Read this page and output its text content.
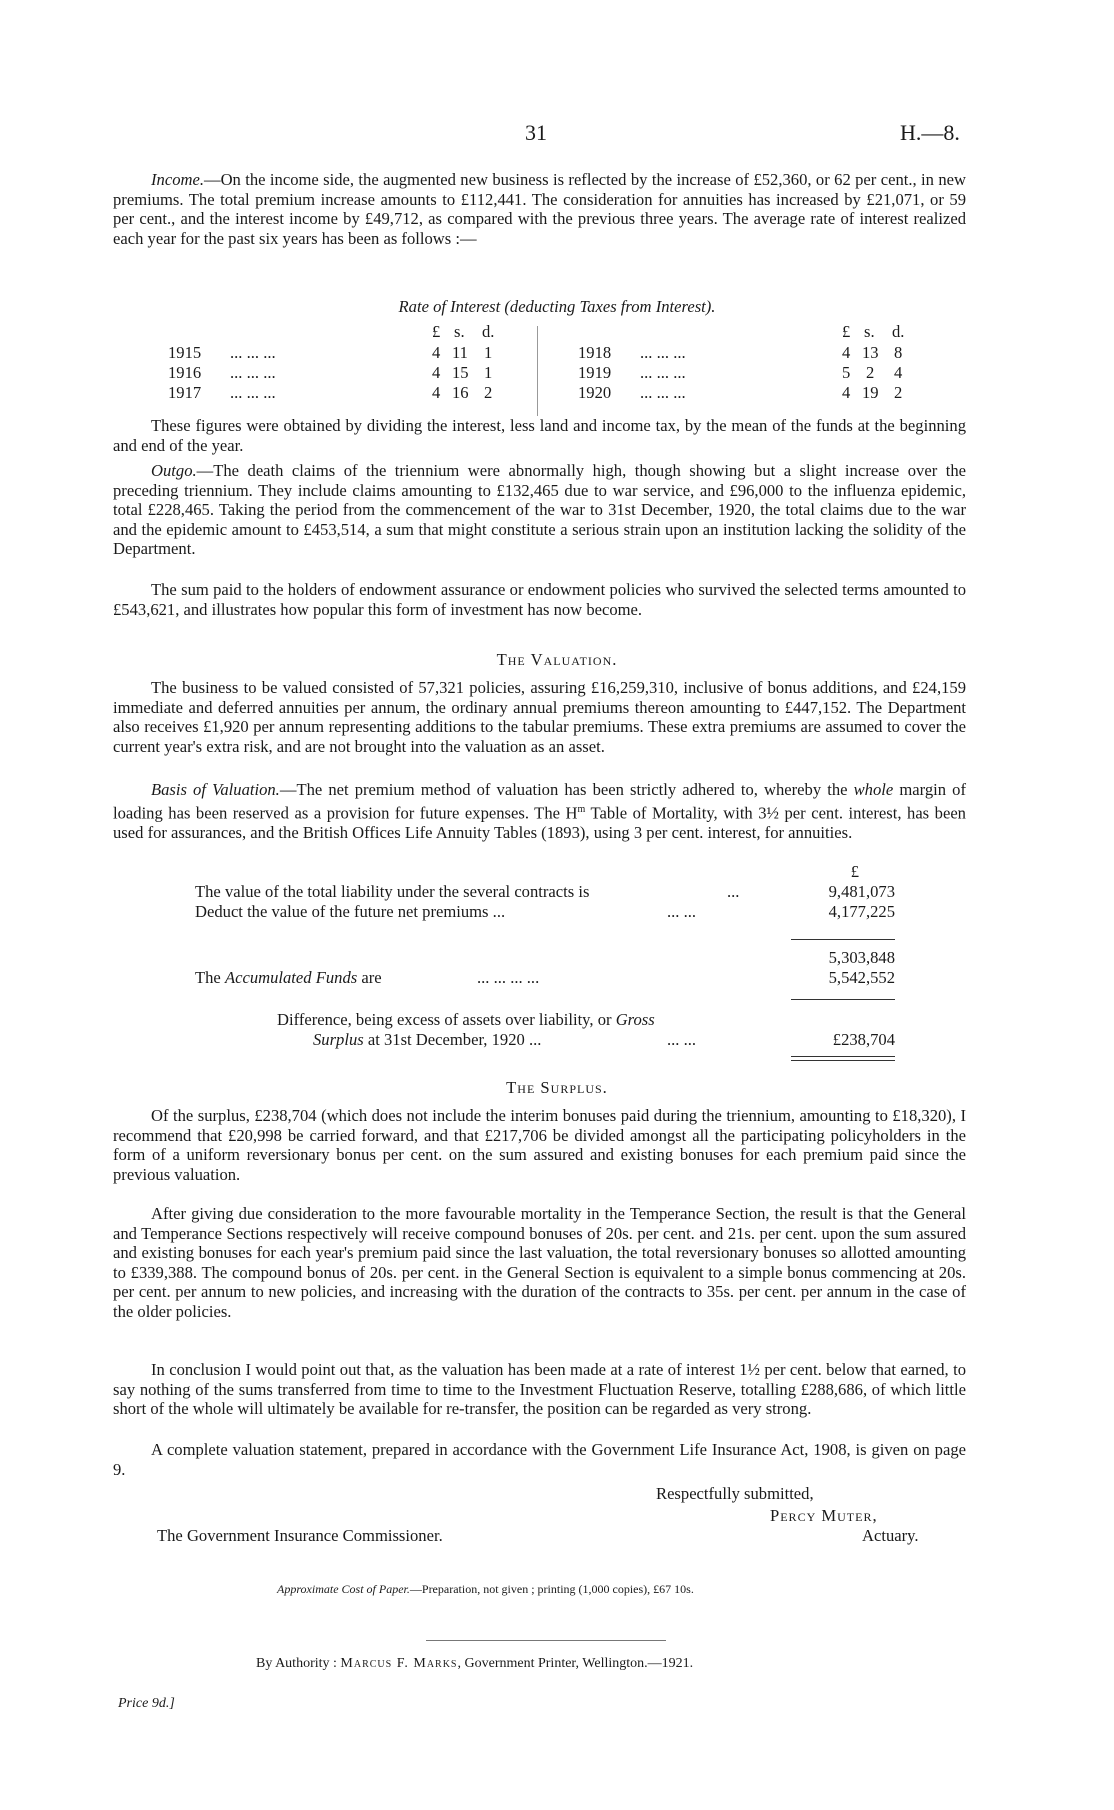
31	H.—8.
Income.—On the income side, the augmented new business is reflected by the increase of £52,360, or 62 per cent., in new premiums. The total premium increase amounts to £112,441. The consideration for annuities has increased by £21,071, or 59 per cent., and the interest income by £49,712, as compared with the previous three years. The average rate of interest realized each year for the past six years has been as follows :—
Rate of Interest (deducting Taxes from Interest).
£ s. d.	£ s. d.
1915 ... ... ...	4 11 1
1916 ... ... ...	4 15 1
1917 ... ... ...	4 16 2
1918 ... ... ...	4 13 8
1919 ... ... ...	5 2 4
1920 ... ... ...	4 19 2
These figures were obtained by dividing the interest, less land and income tax, by the mean of the funds at the beginning and end of the year.
Outgo.—The death claims of the triennium were abnormally high, though showing but a slight increase over the preceding triennium. They include claims amounting to £132,465 due to war service, and £96,000 to the influenza epidemic, total £228,465. Taking the period from the commencement of the war to 31st December, 1920, the total claims due to the war and the epidemic amount to £453,514, a sum that might constitute a serious strain upon an institution lacking the solidity of the Department.
The sum paid to the holders of endowment assurance or endowment policies who survived the selected terms amounted to £543,621, and illustrates how popular this form of investment has now become.
The Valuation.
The business to be valued consisted of 57,321 policies, assuring £16,259,310, inclusive of bonus additions, and £24,159 immediate and deferred annuities per annum, the ordinary annual premiums thereon amounting to £447,152. The Department also receives £1,920 per annum representing additions to the tabular premiums. These extra premiums are assumed to cover the current year's extra risk, and are not brought into the valuation as an asset.
Basis of Valuation.—The net premium method of valuation has been strictly adhered to, whereby the whole margin of loading has been reserved as a provision for future expenses. The $H^m$ Table of Mortality, with 3½ per cent. interest, has been used for assurances, and the British Offices Life Annuity Tables (1893), using 3 per cent. interest, for annuities.
£
The value of the total liability under the several contracts is	...	9,481,073
Deduct the value of the future net premiums ...	... ...	4,177,225
5,303,848
The Accumulated Funds are	... ... ... ...	5,542,552
Difference, being excess of assets over liability, or Gross
Surplus at 31st December, 1920 ...	... ...	£238,704
The Surplus.
Of the surplus, £238,704 (which does not include the interim bonuses paid during the triennium, amounting to £18,320), I recommend that £20,998 be carried forward, and that £217,706 be divided amongst all the participating policyholders in the form of a uniform reversionary bonus per cent. on the sum assured and existing bonuses for each premium paid since the previous valuation.
After giving due consideration to the more favourable mortality in the Temperance Section, the result is that the General and Temperance Sections respectively will receive compound bonuses of 20s. per cent. and 21s. per cent. upon the sum assured and existing bonuses for each year's premium paid since the last valuation, the total reversionary bonuses so allotted amounting to £339,388. The compound bonus of 20s. per cent. in the General Section is equivalent to a simple bonus commencing at 20s. per cent. per annum to new policies, and increasing with the duration of the contracts to 35s. per cent. per annum in the case of the older policies.
In conclusion I would point out that, as the valuation has been made at a rate of interest 1½ per cent. below that earned, to say nothing of the sums transferred from time to time to the Investment Fluctuation Reserve, totalling £288,686, of which little short of the whole will ultimately be available for re-transfer, the position can be regarded as very strong.
A complete valuation statement, prepared in accordance with the Government Life Insurance Act, 1908, is given on page 9.
Respectfully submitted,
Percy Muter,
Actuary.
The Government Insurance Commissioner.
Approximate Cost of Paper.—Preparation, not given ; printing (1,000 copies), £67 10s.
By Authority : Marcus F. Marks, Government Printer, Wellington.—1921.
Price 9d.]
